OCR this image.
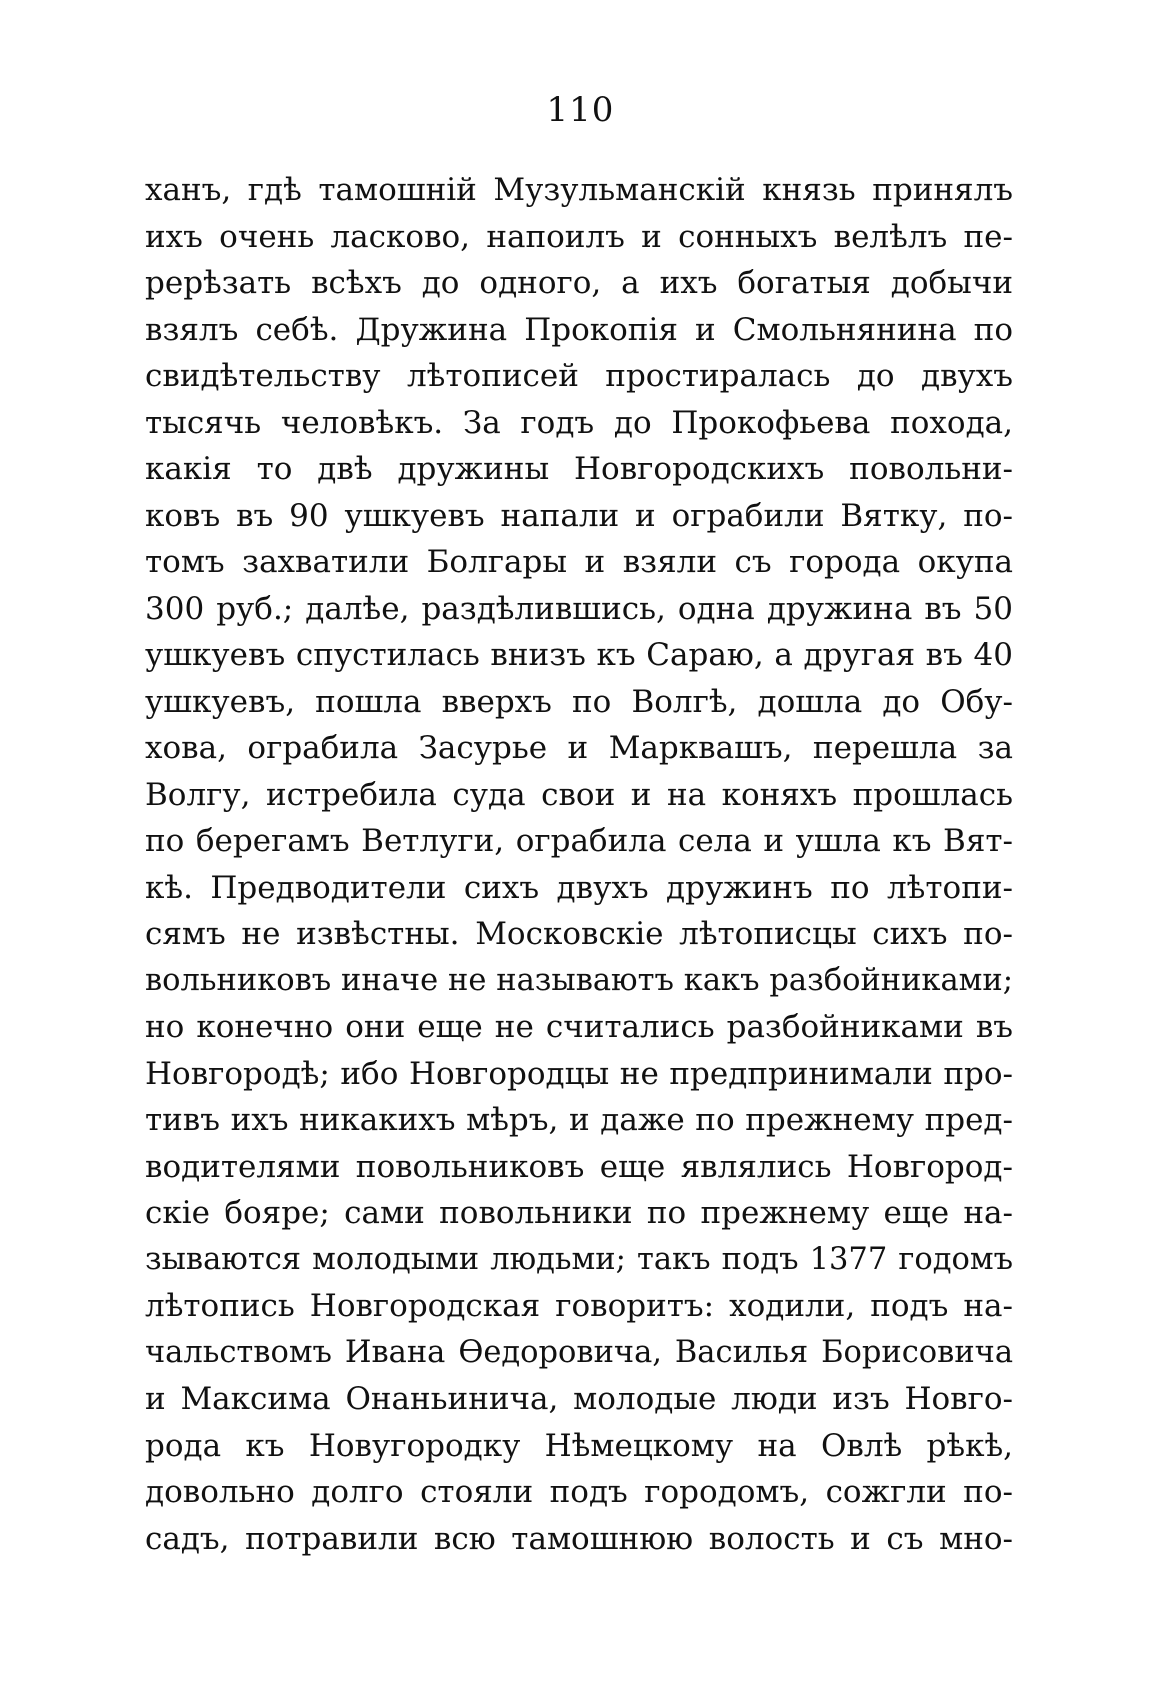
110
ханъ, гдѣ тамошній Музульманскій князь принялъ
ихъ очень ласково, напоилъ и сонныхъ велѣлъ пе-
рерѣзать всѣхъ до одного, а ихъ богатыя добычи
взялъ себѣ. Дружина Прокопія и Смольнянина по
свидѣтельству лѣтописей простиралась до двухъ
тысячь человѣкъ. За годъ до Прокофьева похода,
какія то двѣ дружины Новгородскихъ повольни-
ковъ въ 90 ушкуевъ напали и ограбили Вятку, по-
томъ захватили Болгары и взяли съ города окупа
300 руб.; далѣе, раздѣлившись, одна дружина въ 50
ушкуевъ спустилась внизъ къ Сараю, а другая въ 40
ушкуевъ, пошла вверхъ по Волгѣ, дошла до Обу-
хова, ограбила Засурье и Марквашъ, перешла за
Волгу, истребила суда свои и на коняхъ прошлась
по берегамъ Ветлуги, ограбила села и ушла къ Вят-
кѣ. Предводители сихъ двухъ дружинъ по лѣтопи-
сямъ не извѣстны. Московскіе лѣтописцы сихъ по-
вольниковъ иначе не называютъ какъ разбойниками;
но конечно они еще не считались разбойниками въ
Новгородѣ; ибо Новгородцы не предпринимали про-
тивъ ихъ никакихъ мѣръ, и даже по прежнему пред-
водителями повольниковъ еще являлись Новгород-
скіе бояре; сами повольники по прежнему еще на-
зываются молодыми людьми; такъ подъ 1377 годомъ
лѣтопись Новгородская говоритъ: ходили, подъ на-
чальствомъ Ивана Ѳедоровича, Василья Борисовича
и Максима Онаньинича, молодые люди изъ Новго-
рода къ Новугородку Нѣмецкому на Овлѣ рѣкѣ,
довольно долго стояли подъ городомъ, сожгли по-
садъ, потравили всю тамошнюю волость и съ мно-
